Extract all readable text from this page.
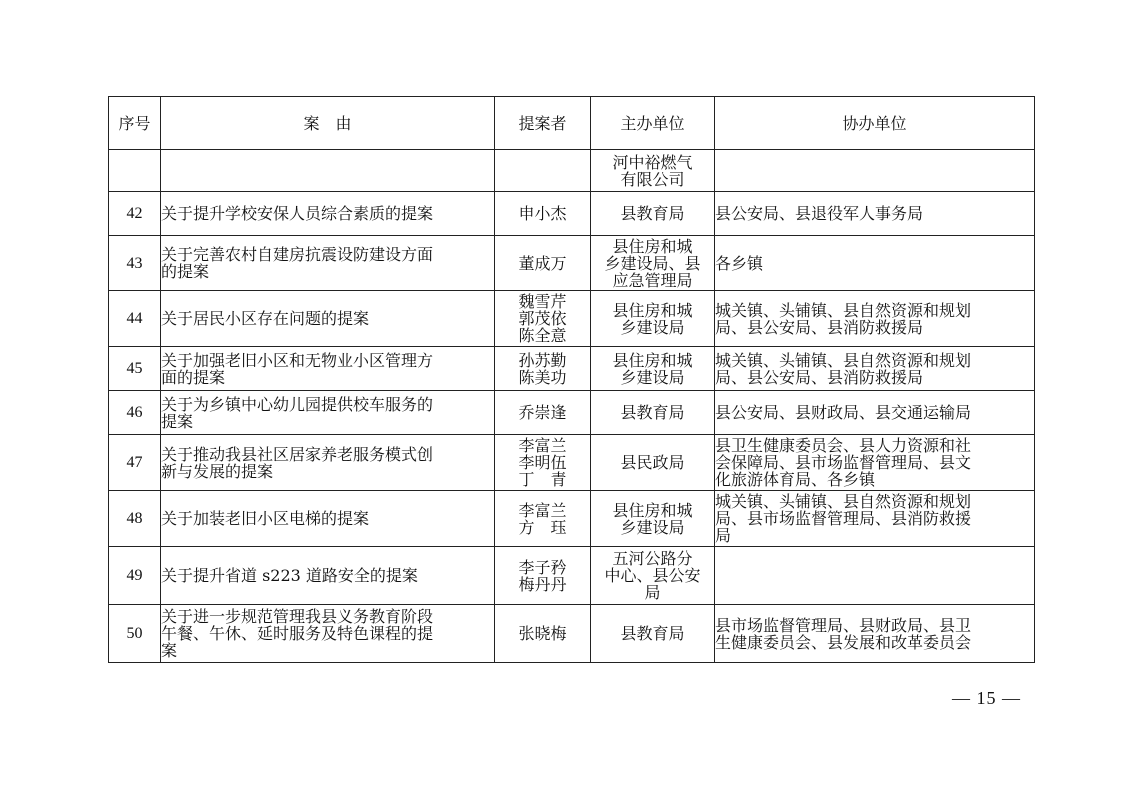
序号	案　由	提案者	主办单位	协办单位

			河中裕燃气
有限公司	

42	关于提升学校安保人员综合素质的提案	申小杰	县教育局	县公安局、县退役军人事务局

43	关于完善农村自建房抗震设防建设方面
的提案	董成万	县住房和城
乡建设局、县
应急管理局	各乡镇

44	关于居民小区存在问题的提案	魏雪芹
郭茂依
陈全意	县住房和城
乡建设局	城关镇、头铺镇、县自然资源和规划
局、县公安局、县消防救援局

45	关于加强老旧小区和无物业小区管理方
面的提案	孙苏勤
陈美功	县住房和城
乡建设局	城关镇、头铺镇、县自然资源和规划
局、县公安局、县消防救援局

46	关于为乡镇中心幼儿园提供校车服务的
提案	乔崇逢	县教育局	县公安局、县财政局、县交通运输局

47	关于推动我县社区居家养老服务模式创
新与发展的提案	李富兰
李明伍
丁　青	县民政局	县卫生健康委员会、县人力资源和社
会保障局、县市场监督管理局、县文
化旅游体育局、各乡镇

48	关于加装老旧小区电梯的提案	李富兰
方　珏	县住房和城
乡建设局	城关镇、头铺镇、县自然资源和规划
局、县市场监督管理局、县消防救援
局

49	关于提升省道 s223 道路安全的提案	李子矜
梅丹丹	五河公路分
中心、县公安
局	

50	关于进一步规范管理我县义务教育阶段
午餐、午休、延时服务及特色课程的提
案	张晓梅	县教育局	县市场监督管理局、县财政局、县卫
生健康委员会、县发展和改革委员会
— 15 —
